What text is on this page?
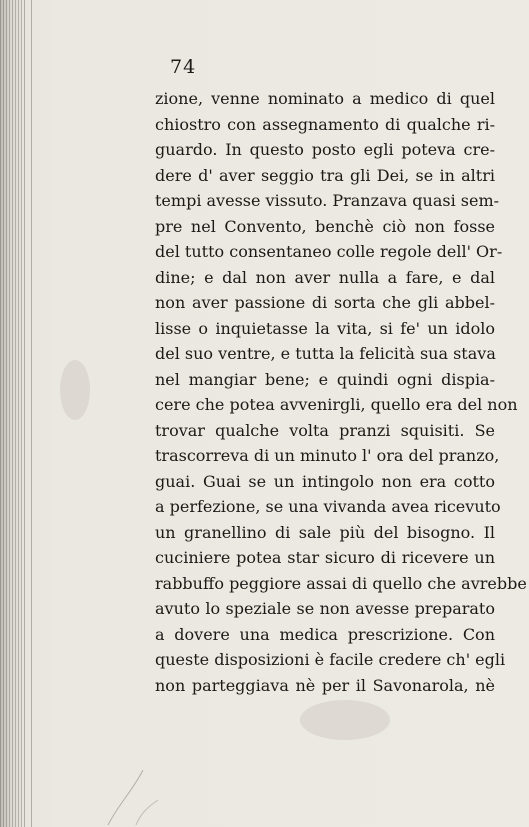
74
zione, venne nominato a medico di quel
chiostro con assegnamento di qualche ri-
guardo. In questo posto egli poteva cre-
dere d' aver seggio tra gli Dei, se in altri
tempi avesse vissuto. Pranzava quasi sem-
pre nel Convento, benchè ciò non fosse
del tutto consentaneo colle regole dell' Or-
dine; e dal non aver nulla a fare, e dal
non aver passione di sorta che gli abbel-
lisse o inquietasse la vita, si fe' un idolo
del suo ventre, e tutta la felicità sua stava
nel mangiar bene; e quindi ogni dispia-
cere che potea avvenirgli, quello era del non
trovar qualche volta pranzi squisiti. Se
trascorreva di un minuto l' ora del pranzo,
guai. Guai se un intingolo non era cotto
a perfezione, se una vivanda avea ricevuto
un granellino di sale più del bisogno. Il
cuciniere potea star sicuro di ricevere un
rabbuffo peggiore assai di quello che avrebbe
avuto lo speziale se non avesse preparato
a dovere una medica prescrizione. Con
queste disposizioni è facile credere ch' egli
non parteggiava nè per il Savonarola, nè
